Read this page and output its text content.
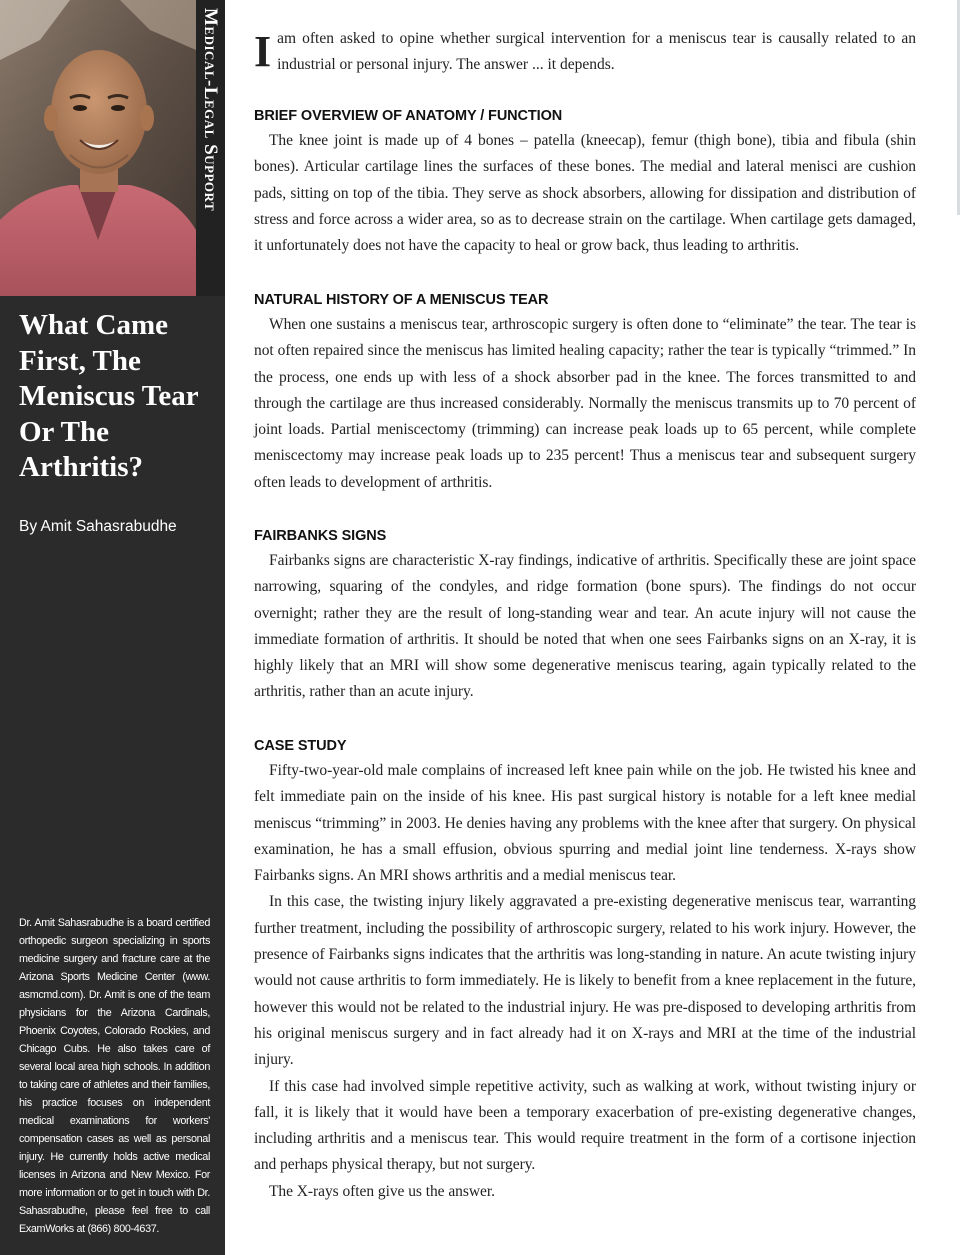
Medical-Legal Support
What Came First, The Meniscus Tear Or The Arthritis?
By Amit Sahasrabudhe
Dr. Amit Sahasrabudhe is a board certified orthopedic surgeon specializing in sports medicine surgery and fracture care at the Arizona Sports Medicine Center (www. asmcmd.com). Dr. Amit is one of the team physicians for the Arizona Cardinals, Phoenix Coyotes, Colorado Rockies, and Chicago Cubs. He also takes care of several local area high schools. In addition to taking care of athletes and their families, his practice focuses on independent medical examinations for workers' compensation cases as well as personal injury. He currently holds active medical licenses in Arizona and New Mexico. For more information or to get in touch with Dr. Sahasrabudhe, please feel free to call ExamWorks at (866) 800-4637.

Iam often asked to opine whether surgical intervention for a meniscus tear is causally related to an industrial or personal injury. The answer ... it depends.

BRIEF OVERVIEW OF ANATOMY / FUNCTION

The knee joint is made up of 4 bones – patella (kneecap), femur (thigh bone), tibia and fibula (shin bones). Articular cartilage lines the surfaces of these bones. The medial and lateral menisci are cushion pads, sitting on top of the tibia. They serve as shock absorbers, allowing for dissipation and distribution of stress and force across a wider area, so as to decrease strain on the cartilage. When cartilage gets damaged, it unfortunately does not have the capacity to heal or grow back, thus leading to arthritis.

NATURAL HISTORY OF A MENISCUS TEAR

When one sustains a meniscus tear, arthroscopic surgery is often done to “eliminate” the tear. The tear is not often repaired since the meniscus has limited healing capacity; rather the tear is typically “trimmed.” In the process, one ends up with less of a shock absorber pad in the knee. The forces transmitted to and through the cartilage are thus increased considerably. Normally the meniscus transmits up to 70 percent of joint loads. Partial meniscectomy (trimming) can increase peak loads up to 65 percent, while complete meniscectomy may increase peak loads up to 235 percent! Thus a meniscus tear and subsequent surgery often leads to development of arthritis.

FAIRBANKS SIGNS

Fairbanks signs are characteristic X-ray findings, indicative of arthritis. Specifically these are joint space narrowing, squaring of the condyles, and ridge formation (bone spurs). The findings do not occur overnight; rather they are the result of long-standing wear and tear. An acute injury will not cause the immediate formation of arthritis. It should be noted that when one sees Fairbanks signs on an X-ray, it is highly likely that an MRI will show some degenerative meniscus tearing, again typically related to the arthritis, rather than an acute injury.

CASE STUDY

Fifty-two-year-old male complains of increased left knee pain while on the job. He twisted his knee and felt immediate pain on the inside of his knee. His past surgical history is notable for a left knee medial meniscus “trimming” in 2003. He denies having any problems with the knee after that surgery. On physical examination, he has a small effusion, obvious spurring and medial joint line tenderness. X-rays show Fairbanks signs. An MRI shows arthritis and a medial meniscus tear.

In this case, the twisting injury likely aggravated a pre-existing degenerative meniscus tear, warranting further treatment, including the possibility of arthroscopic surgery, related to his work injury. However, the presence of Fairbanks signs indicates that the arthritis was long-standing in nature. An acute twisting injury would not cause arthritis to form immediately. He is likely to benefit from a knee replacement in the future, however this would not be related to the industrial injury. He was pre-disposed to developing arthritis from his original meniscus surgery and in fact already had it on X-rays and MRI at the time of the industrial injury.

If this case had involved simple repetitive activity, such as walking at work, without twisting injury or fall, it is likely that it would have been a temporary exacerbation of pre-existing degenerative changes, including arthritis and a meniscus tear. This would require treatment in the form of a cortisone injection and perhaps physical therapy, but not surgery.

The X-rays often give us the answer.
